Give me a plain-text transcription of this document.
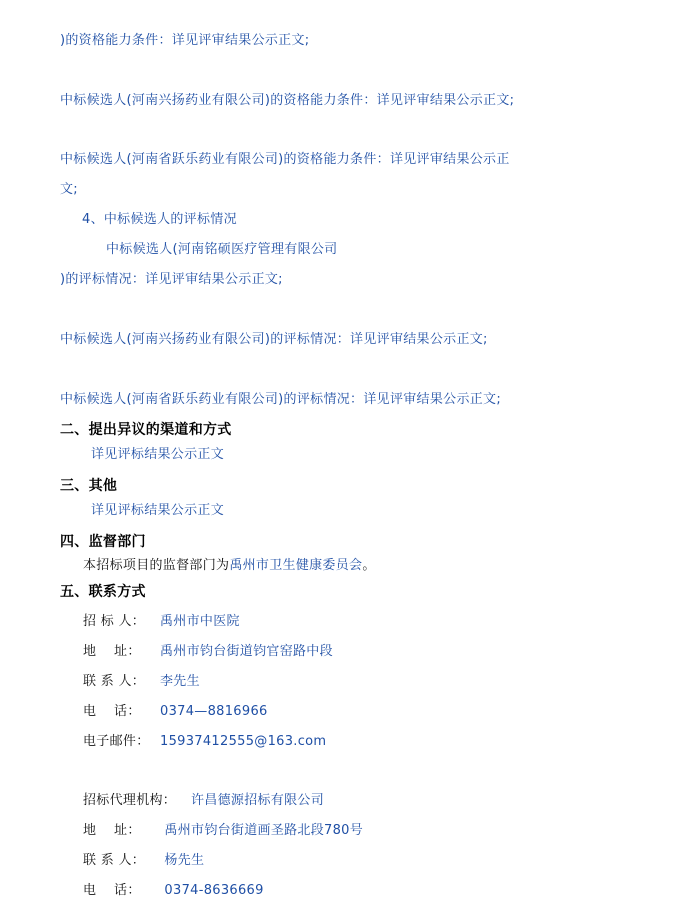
)的资格能力条件：详见评审结果公示正文;
中标候选人(河南兴扬药业有限公司)的资格能力条件：详见评审结果公示正文;
中标候选人(河南省跃乐药业有限公司)的资格能力条件：详见评审结果公示正
文;
4、中标候选人的评标情况
中标候选人(河南铭硕医疗管理有限公司
)的评标情况：详见评审结果公示正文;
中标候选人(河南兴扬药业有限公司)的评标情况：详见评审结果公示正文;
中标候选人(河南省跃乐药业有限公司)的评标情况：详见评审结果公示正文;
二、提出异议的渠道和方式
详见评标结果公示正文
三、其他
详见评标结果公示正文
四、监督部门
本招标项目的监督部门为禹州市卫生健康委员会。
五、联系方式
招 标 人： 禹州市中医院
地    址： 禹州市钧台街道钧官窑路中段
联 系 人： 李先生
电    话： 0374—8816966
电子邮件： 15937412555@163.com
招标代理机构： 许昌德源招标有限公司
地    址： 禹州市钧台街道画圣路北段780号
联 系 人： 杨先生
电    话： 0374-8636669
